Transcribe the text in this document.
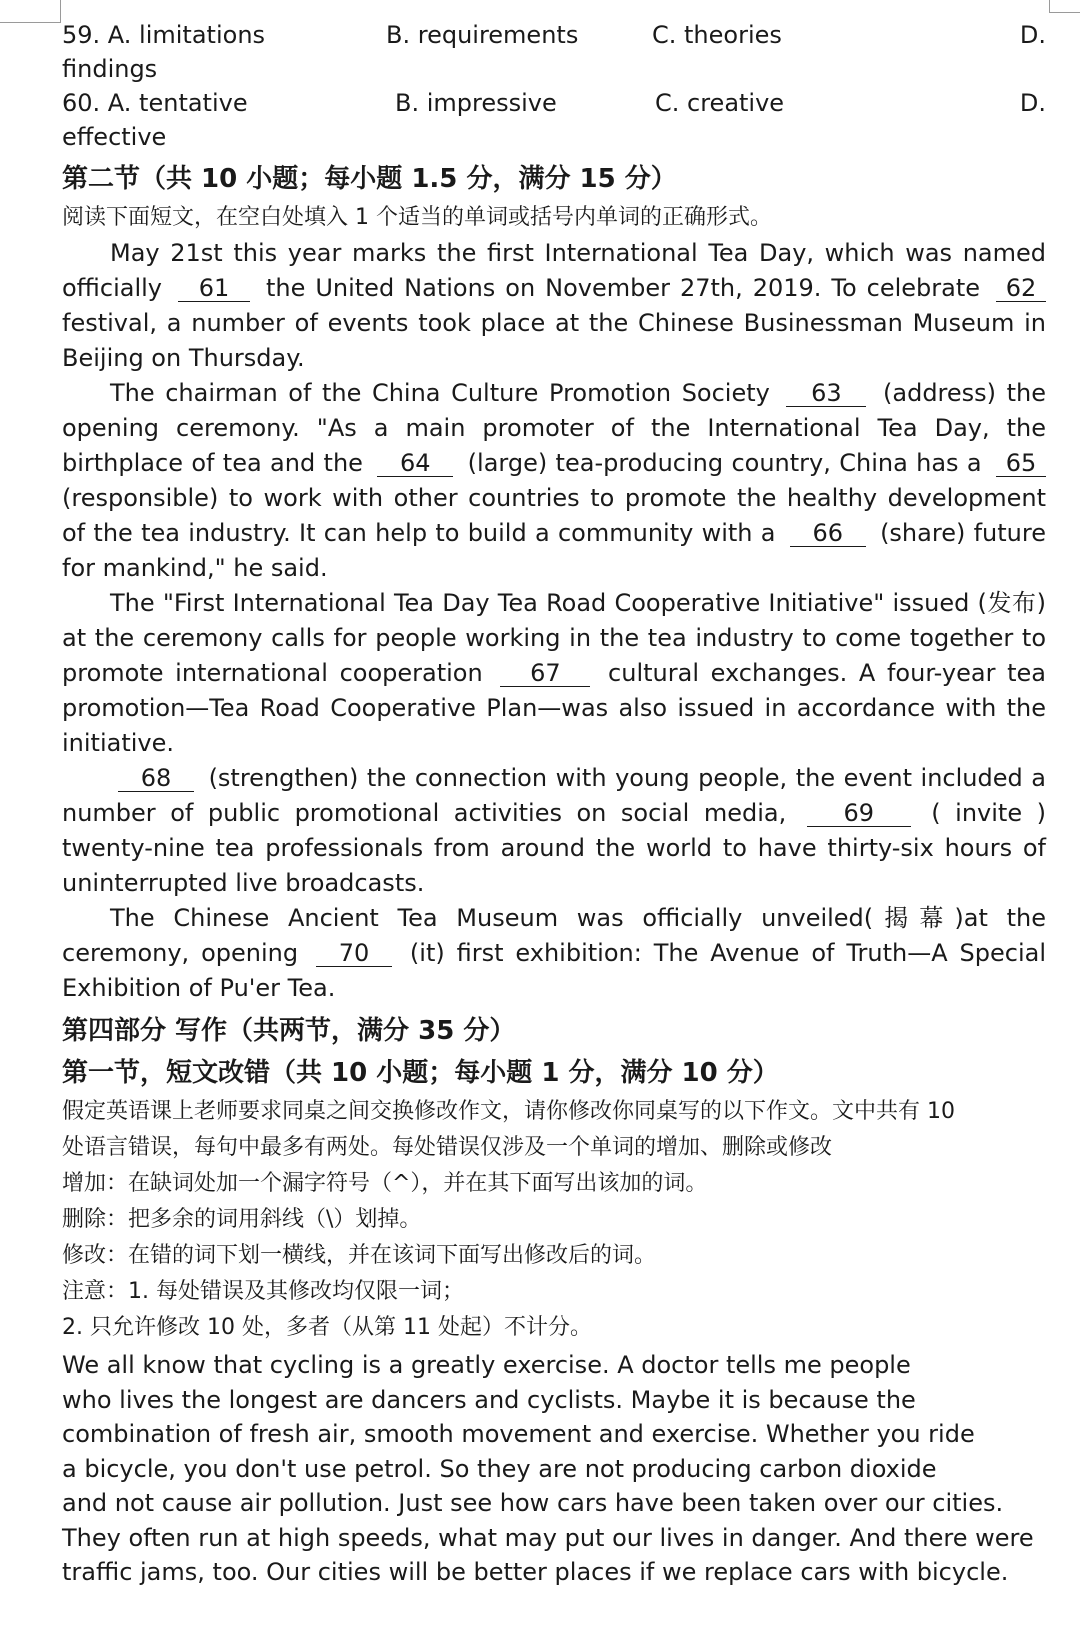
59. A. limitations	B. requirements	C. theories	D.
findings
60. A. tentative	B. impressive	C. creative	D.
effective
第二节（共 10 小题；每小题 1.5 分，满分 15 分）
阅读下面短文，在空白处填入 1 个适当的单词或括号内单词的正确形式。

May 21st this year marks the first International Tea Day, which was named officially 61 the United Nations on November 27th, 2019. To celebrate 62 festival, a number of events took place at the Chinese Businessman Museum in Beijing on Thursday.

The chairman of the China Culture Promotion Society 63 (address) the opening ceremony. "As a main promoter of the International Tea Day, the birthplace of tea and the 64 (large) tea-producing country, China has a 65 (responsible) to work with other countries to promote the healthy development of the tea industry. It can help to build a community with a 66 (share) future for mankind," he said.

The "First International Tea Day Tea Road Cooperative Initiative" issued (发布) at the ceremony calls for people working in the tea industry to come together to promote international cooperation 67 cultural exchanges. A four-year tea promotion—Tea Road Cooperative Plan—was also issued in accordance with the initiative.

68 (strengthen) the connection with young people, the event included a number of public promotional activities on social media, 69 ( invite ) twenty-nine tea professionals from around the world to have thirty-six hours of uninterrupted live broadcasts.

The Chinese Ancient Tea Museum was officially unveiled(揭幕)at the ceremony, opening 70 (it) first exhibition: The Avenue of Truth—A Special Exhibition of Pu'er Tea.

第四部分 写作（共两节，满分 35 分）
第一节，短文改错（共 10 小题；每小题 1 分，满分 10 分）
假定英语课上老师要求同桌之间交换修改作文，请你修改你同桌写的以下作文。文中共有 10
处语言错误，每句中最多有两处。每处错误仅涉及一个单词的增加、删除或修改
增加：在缺词处加一个漏字符号（^），并在其下面写出该加的词。
删除：把多余的词用斜线（\）划掉。
修改：在错的词下划一横线，并在该词下面写出修改后的词。
注意：1. 每处错误及其修改均仅限一词；
2. 只允许修改 10 处，多者（从第 11 处起）不计分。
We all know that cycling is a greatly exercise. A doctor tells me people
who lives the longest are dancers and cyclists. Maybe it is because the
combination of fresh air, smooth movement and exercise. Whether you ride
a bicycle, you don't use petrol. So they are not producing carbon dioxide
and not cause air pollution. Just see how cars have been taken over our cities.
They often run at high speeds, what may put our lives in danger. And there were
traffic jams, too. Our cities will be better places if we replace cars with bicycle.
